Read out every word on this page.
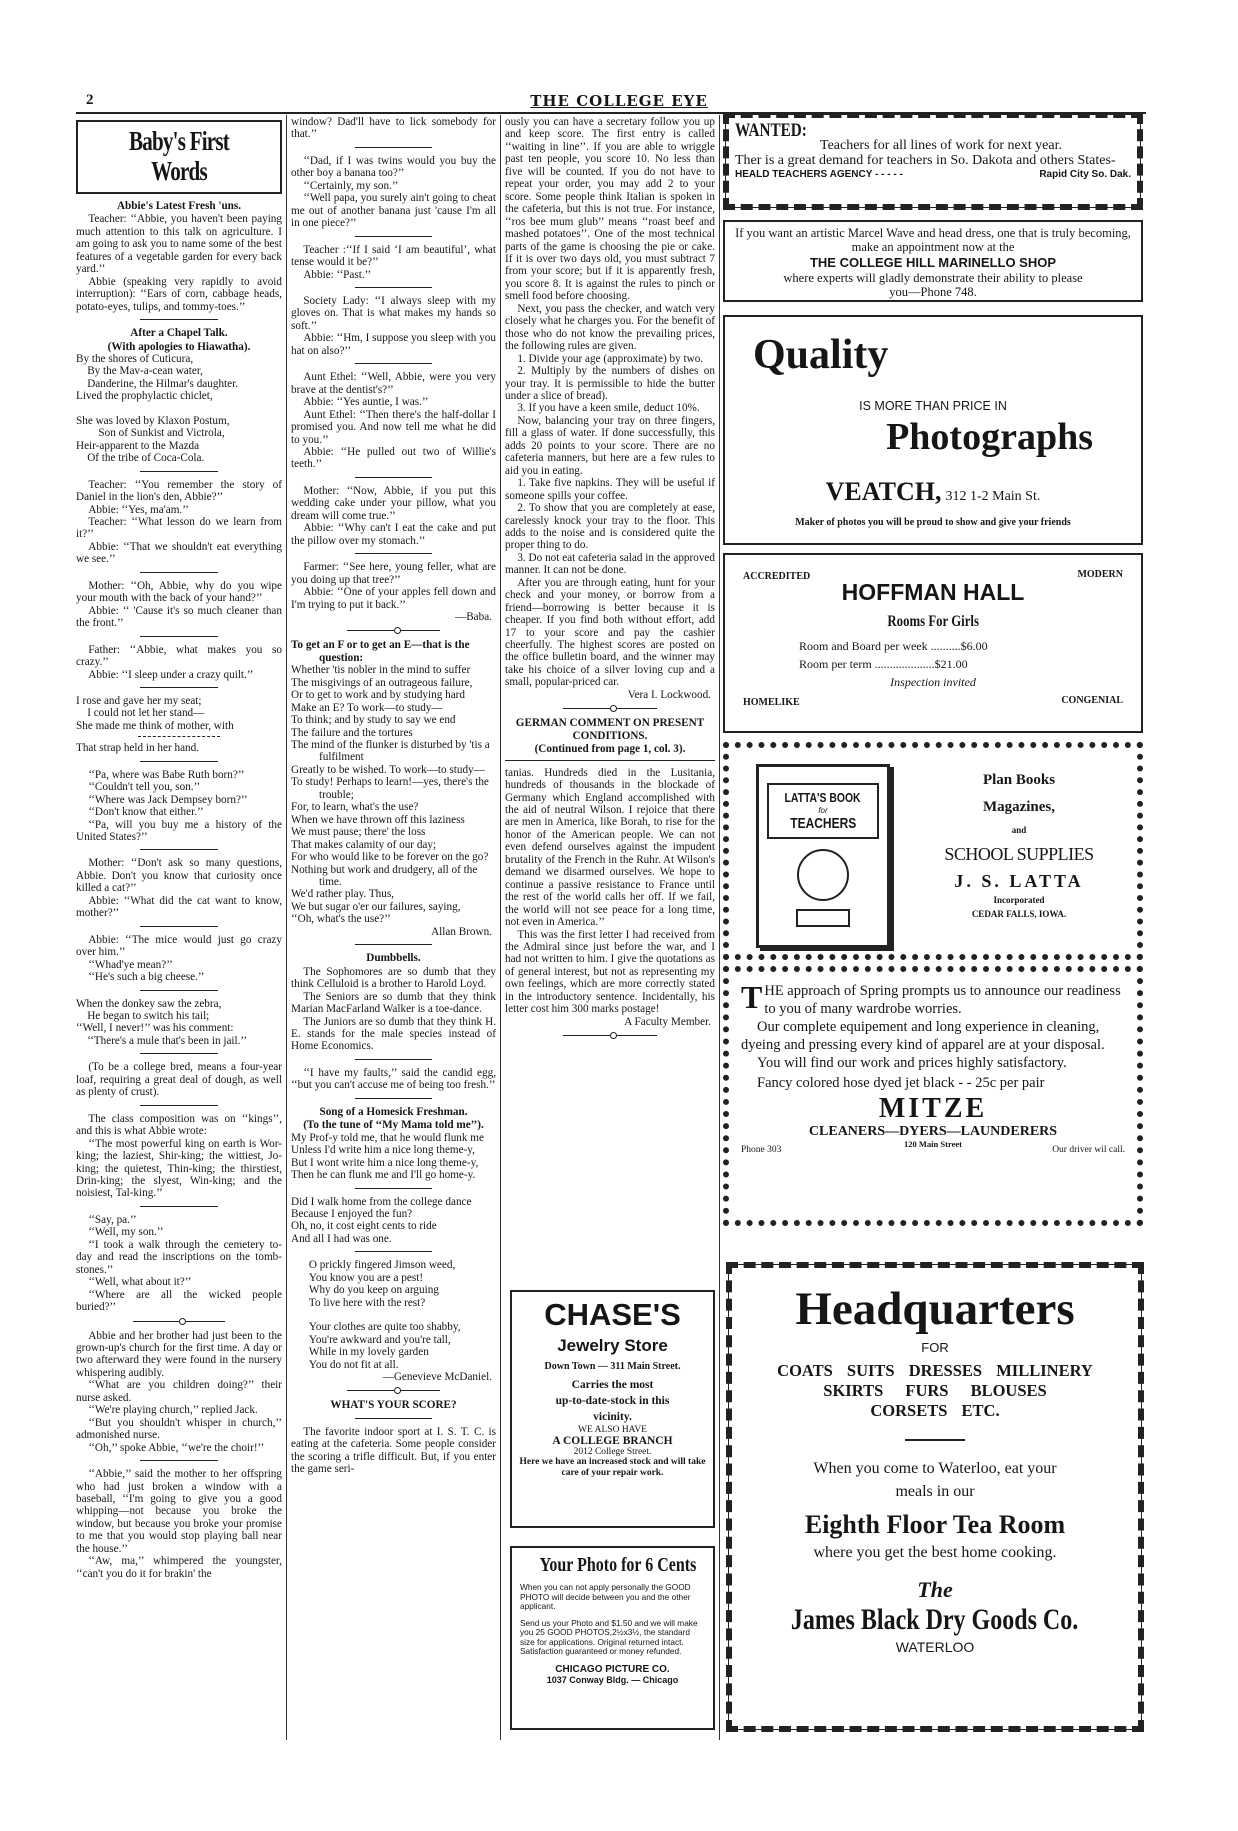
2	THE COLLEGE EYE
Baby's First Words
Abbie's Latest Fresh 'uns.
Teacher: ‘‘Abbie, you haven't been paying much attention to this talk on agriculture. I am going to ask you to name some of the best features of a vegetable garden for every back yard.’’
Abbie (speaking very rapidly to avoid interruption): ‘‘Ears of corn, cabbage heads, potato-eyes, tulips, and tommy-toes.’’
After a Chapel Talk.
(With apologies to Hiawatha).
By the shores of Cuticura,
By the Mav-a-cean water,
Danderine, the Hilmar's daughter.
Lived the prophylactic chiclet,
She was loved by Klaxon Postum,
Son of Sunkist and Victrola,
Heir-apparent to the Mazda
Of the tribe of Coca-Cola.
Teacher: ‘‘You remember the story of Daniel in the lion's den, Abbie?’’
Abbie: ‘‘Yes, ma'am.’’
Teacher: ‘‘What lesson do we learn from it?’’
Abbie: ‘‘That we shouldn't eat everything we see.’’
Mother: ‘‘Oh, Abbie, why do you wipe your mouth with the back of your hand?’’
Abbie: ‘‘ 'Cause it's so much cleaner than the front.’’
Father: ‘‘Abbie, what makes you so crazy.’’
Abbie: ‘‘I sleep under a crazy quilt.’’
I rose and gave her my seat;
I could not let her stand—
She made me think of mother, with
That strap held in her hand.
‘‘Pa, where was Babe Ruth born?’’
‘‘Couldn't tell you, son.’’
‘‘Where was Jack Dempsey born?’’
‘‘Don't know that either.’’
‘‘Pa, will you buy me a history of the United States?’’
Mother: ‘‘Don't ask so many questions, Abbie. Don't you know that curiosity once killed a cat?’’
Abbie: ‘‘What did the cat want to know, mother?’’
Abbie: ‘‘The mice would just go crazy over him.’’
‘‘Whad'ye mean?’’
‘‘He's such a big cheese.’’
When the donkey saw the zebra,
He began to switch his tail;
‘‘Well, I never!’’ was his comment:
‘‘There's a mule that's been in jail.’’
(To be a college bred, means a four-year loaf, requiring a great deal of dough, as well as plenty of crust).
The class composition was on ‘‘kings’’, and this is what Abbie wrote:
‘‘The most powerful king on earth is Wor-king; the laziest, Shir-king; the wittiest, Jo-king; the quietest, Thin-king; the thirstiest, Drin-king; the slyest, Win-king; and the noisiest, Tal-king.’’
‘‘Say, pa.’’
‘‘Well, my son.’’
‘‘I took a walk through the cemetery to-day and read the inscriptions on the tomb-stones.’’
‘‘Well, what about it?’’
‘‘Where are all the wicked people buried?’’
Abbie and her brother had just been to the grown-up's church for the first time. A day or two afterward they were found in the nursery whispering audibly.
‘‘What are you children doing?’’ their nurse asked.
‘‘We're playing church,’’ replied Jack.
‘‘But you shouldn't whisper in church,’’ admonished nurse.
‘‘Oh,’’ spoke Abbie, ‘‘we're the choir!’’
‘‘Abbie,’’ said the mother to her offspring who had just broken a window with a baseball, ‘‘I'm going to give you a good whipping—not because you broke the window, but because you broke your promise to me that you would stop playing ball near the house.’’
‘‘Aw, ma,’’ whimpered the youngster, ‘‘can't you do it for brakin' the
window? Dad'll have to lick somebody for that.’’
‘‘Dad, if I was twins would you buy the other boy a banana too?’’
‘‘Certainly, my son.’’
‘‘Well papa, you surely ain't going to cheat me out of another banana just 'cause I'm all in one piece?’’
Teacher :‘‘If I said ‘I am beautiful’, what tense would it be?’’
Abbie: ‘‘Past.’’
Society Lady: ‘‘I always sleep with my gloves on. That is what makes my hands so soft.’’
Abbie: ‘‘Hm, I suppose you sleep with you hat on also?’’
Aunt Ethel: ‘‘Well, Abbie, were you very brave at the dentist's?’’
Abbie: ‘‘Yes auntie, I was.’’
Aunt Ethel: ‘‘Then there's the half-dollar I promised you. And now tell me what he did to you.’’
Abbie: ‘‘He pulled out two of Willie's teeth.’’
Mother: ‘‘Now, Abbie, if you put this wedding cake under your pillow, what you dream will come true.’’
Abbie: ‘‘Why can't I eat the cake and put the pillow over my stomach.’’
Farmer: ‘‘See here, young feller, what are you doing up that tree?’’
Abbie: ‘‘One of your apples fell down and I'm trying to put it back.’’
—Baba.
To get an F or to get an E—that is the question:
Whether 'tis nobler in the mind to suffer
The misgivings of an outrageous failure,
Or to get to work and by studying hard
Make an E? To work—to study—
To think; and by study to say we end
The failure and the tortures
The mind of the flunker is disturbed by 'tis a fulfilment
Greatly to be wished. To work—to study—
To study! Perhaps to learn!—yes, there's the trouble;
For, to learn, what's the use?
When we have thrown off this laziness
We must pause; there' the loss
That makes calamity of our day;
For who would like to be forever on the go?
Nothing but work and drudgery, all of the time.
We'd rather play. Thus,
We but sugar o'er our failures, saying,
‘‘Oh, what's the use?’’
Allan Brown.
Dumbbells.
The Sophomores are so dumb that they think Celluloid is a brother to Harold Loyd.
The Seniors are so dumb that they think Marian MacFarland Walker is a toe-dance.
The Juniors are so dumb that they think H. E. stands for the male species instead of Home Economics.
‘‘I have my faults,’’ said the candid egg, ‘‘but you can't accuse me of being too fresh.’’
Song of a Homesick Freshman.
(To the tune of ‘‘My Mama told me’’).
My Prof-y told me, that he would flunk me
Unless I'd write him a nice long theme-y,
But I wont write him a nice long theme-y,
Then he can flunk me and I'll go home-y.
Did I walk home from the college dance
Because I enjoyed the fun?
Oh, no, it cost eight cents to ride
And all I had was one.
O prickly fingered Jimson weed,
You know you are a pest!
Why do you keep on arguing
To live here with the rest?
Your clothes are quite too shabby,
You're awkward and you're tall,
While in my lovely garden
You do not fit at all.
—Genevieve McDaniel.
WHAT'S YOUR SCORE?
The favorite indoor sport at I. S. T. C. is eating at the cafeteria. Some people consider the scoring a trifle difficult. But, if you enter the game seri-
ously you can have a secretary follow you up and keep score. The first entry is called ‘‘waiting in line’’. If you are able to wriggle past ten people, you score 10. No less than five will be counted. If you do not have to repeat your order, you may add 2 to your score. Some people think Italian is spoken in the cafeteria, but this is not true. For instance, ‘‘ros bee mum glub’’ means ‘‘roast beef and mashed potatoes’’. One of the most technical parts of the game is choosing the pie or cake. If it is over two days old, you must subtract 7 from your score; but if it is apparently fresh, you score 8. It is against the rules to pinch or smell food before choosing.
Next, you pass the checker, and watch very closely what he charges you. For the benefit of those who do not know the prevailing prices, the following rules are given.
1. Divide your age (approximate) by two.
2. Multiply by the numbers of dishes on your tray. It is permissible to hide the butter under a slice of bread).
3. If you have a keen smile, deduct 10%.
Now, balancing your tray on three fingers, fill a glass of water. If done successfully, this adds 20 points to your score. There are no cafeteria manners, but here are a few rules to aid you in eating.
1. Take five napkins. They will be useful if someone spills your coffee.
2. To show that you are completely at ease, carelessly knock your tray to the floor. This adds to the noise and is considered quite the proper thing to do.
3. Do not eat cafeteria salad in the approved manner. It can not be done.
After you are through eating, hunt for your check and your money, or borrow from a friend—borrowing is better because it is cheaper. If you find both without effort, add 17 to your score and pay the cashier cheerfully. The highest scores are posted on the office bulletin board, and the winner may take his choice of a silver loving cup and a small, popular-priced car.
Vera I. Lockwood.
GERMAN COMMENT ON PRESENT CONDITIONS.
(Continued from page 1, col. 3).
tanias. Hundreds died in the Lusitania, hundreds of thousands in the blockade of Germany which England accomplished with the aid of neutral Wilson. I rejoice that there are men in America, like Borah, to rise for the honor of the American people. We can not even defend ourselves against the impudent brutality of the French in the Ruhr. At Wilson's demand we disarmed ourselves. We hope to continue a passive resistance to France until the rest of the world calls her off. If we fail, the world will not see peace for a long time, not even in America.’’
This was the first letter I had received from the Admiral since just before the war, and I had not written to him. I give the quotations as of general interest, but not as representing my own feelings, which are more correctly stated in the introductory sentence. Incidentally, his letter cost him 300 marks postage!
A Faculty Member.
CHASE'S
Jewelry Store
Down Town — 311 Main Street.
Carries the most
up-to-date-stock in this
vicinity.
WE ALSO HAVE
A COLLEGE BRANCH
2012 College Street.
Here we have an increased stock and will take care of your repair work.
Your Photo for 6 Cents
When you can not apply personally the GOOD PHOTO will decide between you and the other applicant.
Send us your Photo and $1.50 and we will make you 25 GOOD PHOTOS,2½x3½, the standard size for applications. Original returned intact. Satisfaction guaranteed or money refunded.
CHICAGO PICTURE CO.
1037 Conway Bldg. — Chicago
WANTED:
Teachers for all lines of work for next year.
Ther is a great demand for teachers in So. Dakota and others States-
HEALD TEACHERS AGENCY - - - - -	Rapid City So. Dak.
If you want an artistic Marcel Wave and head dress, one that is truly becoming, make an appointment now at the
THE COLLEGE HILL MARINELLO SHOP
where experts will gladly demonstrate their ability to please you—Phone 748.
Quality
IS MORE THAN PRICE IN
Photographs
VEATCH, 312 1-2 Main St.
Maker of photos you will be proud to show and give your friends
ACCREDITED	MODERN
HOFFMAN HALL
Rooms For Girls
Room and Board per week ..........$6.00
Room per term ....................$21.00
Inspection invited
HOMELIKE	CONGENIAL
LATTA'S BOOK
for
TEACHERS
Plan Books
Magazines,
and
SCHOOL SUPPLIES
J. S. LATTA
Incorporated
CEDAR FALLS, IOWA.
T HE approach of Spring prompts us to announce our readiness to you of many wardrobe worries.
Our complete equipement and long experience in cleaning, dyeing and pressing every kind of apparel are at your disposal.
You will find our work and prices highly satisfactory.
Fancy colored hose dyed jet black - - 25c per pair
MITZE
CLEANERS—DYERS—LAUNDERERS
120 Main Street
Phone 303	Our driver wil call.
Headquarters
FOR
COATS SUITS DRESSES MILLINERY
SKIRTS FURS BLOUSES
CORSETS ETC.
When you come to Waterloo, eat your meals in our
Eighth Floor Tea Room
where you get the best home cooking.
The
James Black Dry Goods Co.
WATERLOO
